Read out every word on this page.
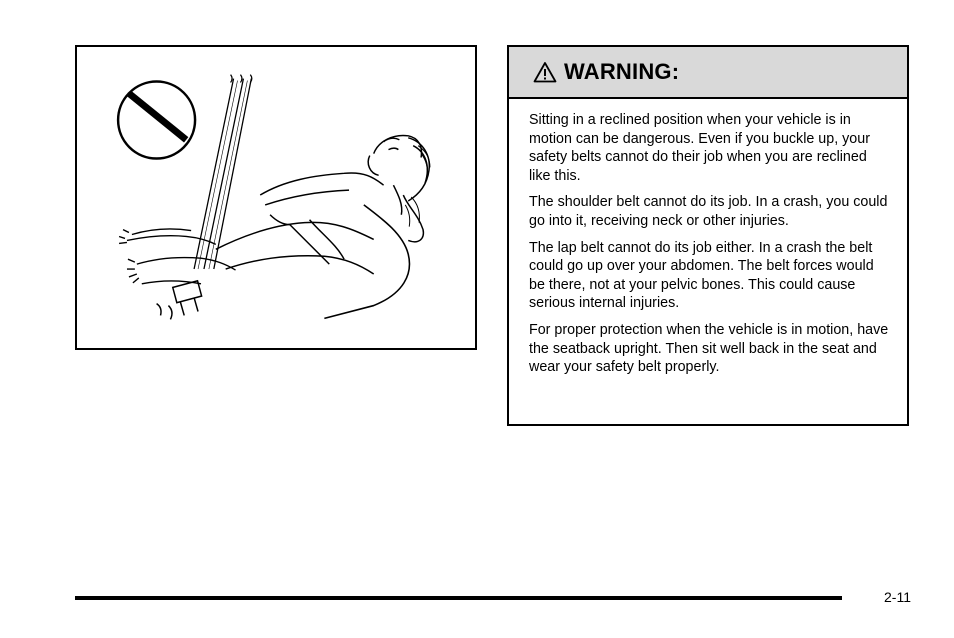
WARNING:

Sitting in a reclined position when your vehicle is in motion can be dangerous. Even if you buckle up, your safety belts cannot do their job when you are reclined like this.

The shoulder belt cannot do its job. In a crash, you could go into it, receiving neck or other injuries.

The lap belt cannot do its job either. In a crash the belt could go up over your abdomen. The belt forces would be there, not at your pelvic bones. This could cause serious internal injuries.

For proper protection when the vehicle is in motion, have the seatback upright. Then sit well back in the seat and wear your safety belt properly.

2-11
